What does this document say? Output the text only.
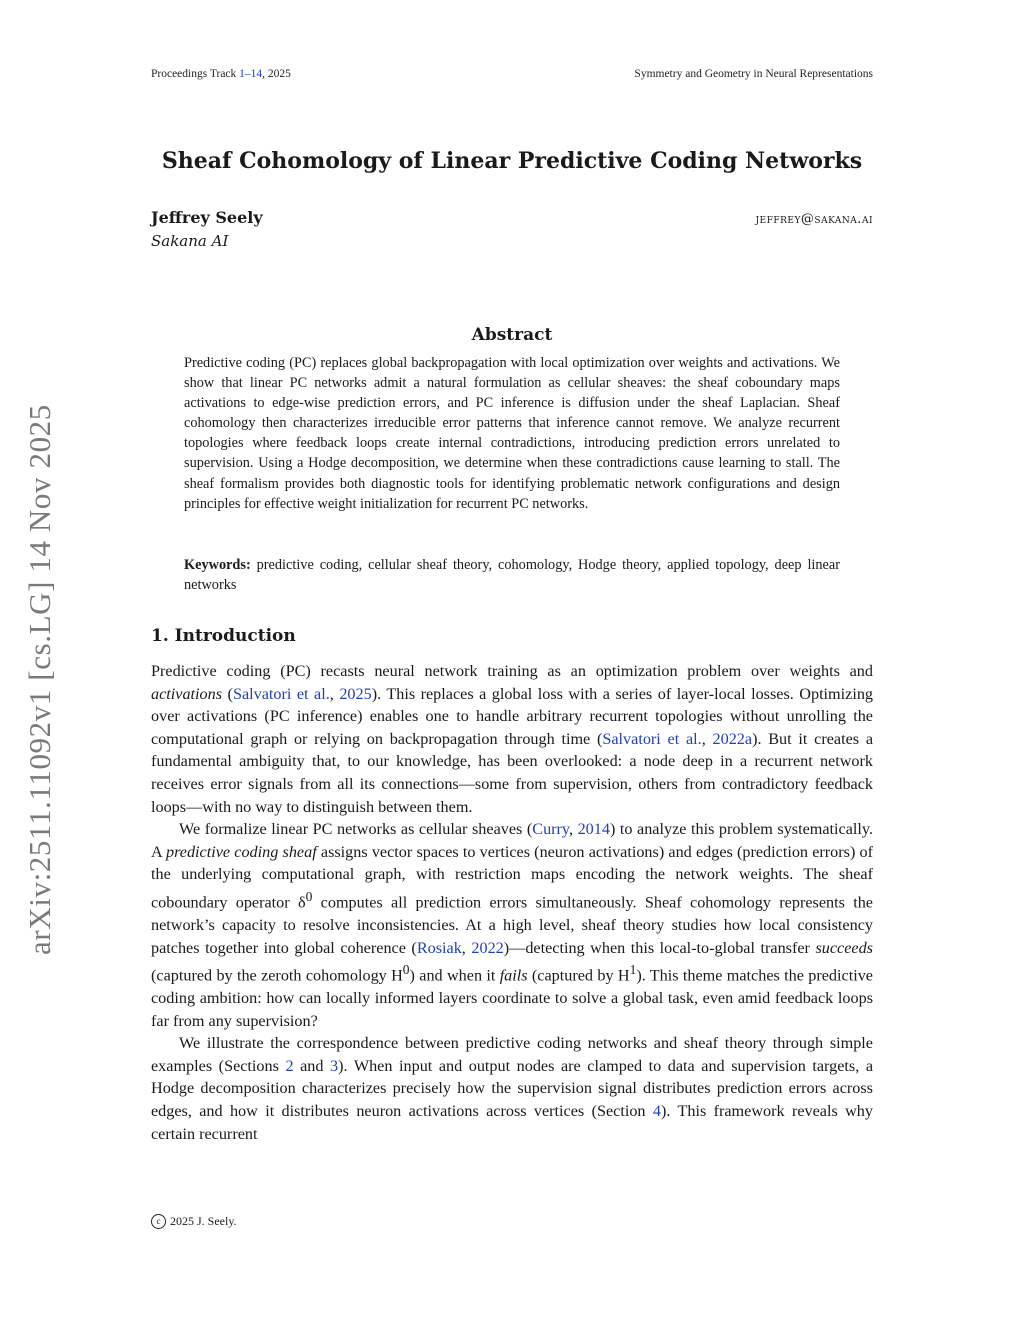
Proceedings Track 1–14, 2025	Symmetry and Geometry in Neural Representations
arXiv:2511.11092v1 [cs.LG] 14 Nov 2025
Sheaf Cohomology of Linear Predictive Coding Networks
Jeffrey Seely
Sakana AI
jeffrey@sakana.ai
Abstract
Predictive coding (PC) replaces global backpropagation with local optimization over weights and activations. We show that linear PC networks admit a natural formulation as cellular sheaves: the sheaf coboundary maps activations to edge-wise prediction errors, and PC inference is diffusion under the sheaf Laplacian. Sheaf cohomology then characterizes irreducible error patterns that inference cannot remove. We analyze recurrent topologies where feedback loops create internal contradictions, introducing prediction errors unrelated to supervision. Using a Hodge decomposition, we determine when these contradictions cause learning to stall. The sheaf formalism provides both diagnostic tools for identifying problematic network configurations and design principles for effective weight initialization for recurrent PC networks.
Keywords: predictive coding, cellular sheaf theory, cohomology, Hodge theory, applied topology, deep linear networks
1. Introduction

Predictive coding (PC) recasts neural network training as an optimization problem over weights and activations (Salvatori et al., 2025). This replaces a global loss with a series of layer-local losses. Optimizing over activations (PC inference) enables one to handle arbitrary recurrent topologies without unrolling the computational graph or relying on backpropagation through time (Salvatori et al., 2022a). But it creates a fundamental ambiguity that, to our knowledge, has been overlooked: a node deep in a recurrent network receives error signals from all its connections—some from supervision, others from contradictory feedback loops—with no way to distinguish between them.

We formalize linear PC networks as cellular sheaves (Curry, 2014) to analyze this problem systematically. A predictive coding sheaf assigns vector spaces to vertices (neuron activations) and edges (prediction errors) of the underlying computational graph, with restriction maps encoding the network weights. The sheaf coboundary operator $\delta^0$ computes all prediction errors simultaneously. Sheaf cohomology represents the network’s capacity to resolve inconsistencies. At a high level, sheaf theory studies how local consistency patches together into global coherence (Rosiak, 2022)—detecting when this local-to-global transfer succeeds (captured by the zeroth cohomology $H^0$) and when it fails (captured by $H^1$). This theme matches the predictive coding ambition: how can locally informed layers coordinate to solve a global task, even amid feedback loops far from any supervision?

We illustrate the correspondence between predictive coding networks and sheaf theory through simple examples (Sections 2 and 3). When input and output nodes are clamped to data and supervision targets, a Hodge decomposition characterizes precisely how the supervision signal distributes prediction errors across edges, and how it distributes neuron activations across vertices (Section 4). This framework reveals why certain recurrent

c 2025 J. Seely.
